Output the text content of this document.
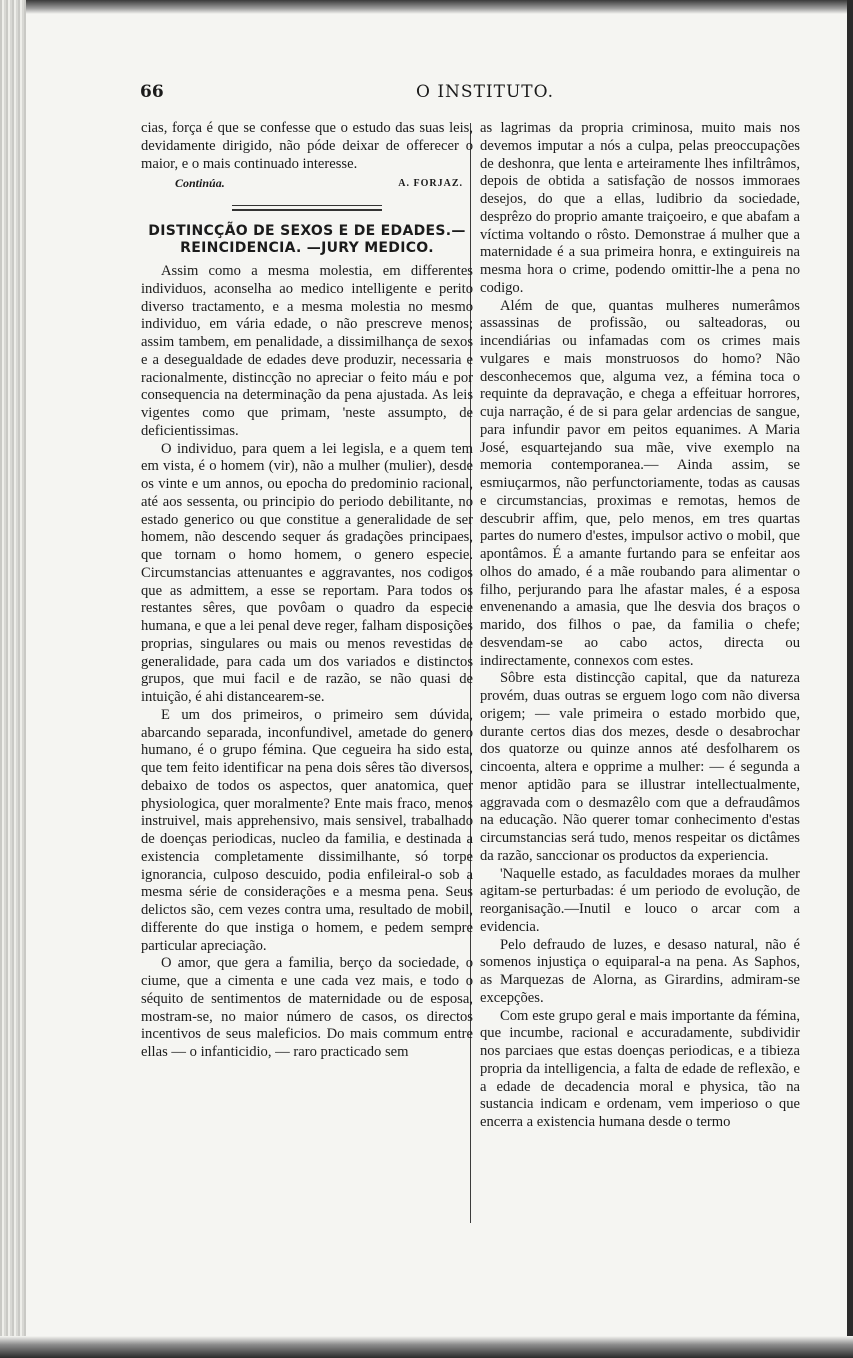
O INSTITUTO.
66

cias, força é que se confesse que o estudo das suas leis, devidamente dirigido, não póde deixar de offerecer o maior, e o mais continuado interesse.

Continúa.	A. FORJAZ.
DISTINCÇÃO DE SEXOS E DE EDADES.—
REINCIDENCIA. —JURY MEDICO.

Assim como a mesma molestia, em differentes individuos, aconselha ao medico intelligente e perito diverso tractamento, e a mesma molestia no mesmo individuo, em vária edade, o não prescreve menos; assim tambem, em penalidade, a dissimilhança de sexos e a desegualdade de edades deve produzir, necessaria e racionalmente, distincção no apreciar o feito máu e por consequencia na determinação da pena ajustada. As leis vigentes como que primam, 'neste assumpto, de deficientissimas.

O individuo, para quem a lei legisla, e a quem tem em vista, é o homem (vir), não a mulher (mulier), desde os vinte e um annos, ou epocha do predominio racional, até aos sessenta, ou principio do periodo debilitante, no estado generico ou que constitue a generalidade de ser homem, não descendo sequer ás gradações principaes, que tornam o homo homem, o genero especie. Circumstancias attenuantes e aggravantes, nos codigos que as admittem, a esse se reportam. Para todos os restantes sêres, que povôam o quadro da especie humana, e que a lei penal deve reger, falham disposições proprias, singulares ou mais ou menos revestidas de generalidade, para cada um dos variados e distinctos grupos, que mui facil e de razão, se não quasi de intuição, é ahi distancearem-se.

E um dos primeiros, o primeiro sem dúvida, abarcando separada, inconfundivel, ametade do genero humano, é o grupo fémina. Que cegueira ha sido esta, que tem feito identificar na pena dois sêres tão diversos, debaixo de todos os aspectos, quer anatomica, quer physiologica, quer moralmente? Ente mais fraco, menos instruivel, mais apprehensivo, mais sensivel, trabalhado de doenças periodicas, nucleo da familia, e destinada a existencia completamente dissimilhante, só torpe ignorancia, culposo descuido, podia enfileiral-o sob a mesma série de considerações e a mesma pena. Seus delictos são, cem vezes contra uma, resultado de mobil, differente do que instiga o homem, e pedem sempre particular apreciação.

O amor, que gera a familia, berço da sociedade, o ciume, que a cimenta e une cada vez mais, e todo o séquito de sentimentos de maternidade ou de esposa, mostram-se, no maior número de casos, os directos incentivos de seus maleficios. Do mais commum entre ellas — o infanticidio, — raro practicado sem

as lagrimas da propria criminosa, muito mais nos devemos imputar a nós a culpa, pelas preoccupações de deshonra, que lenta e arteiramente lhes infiltrâmos, depois de obtida a satisfação de nossos immoraes desejos, do que a ellas, ludibrio da sociedade, desprêzo do proprio amante traiçoeiro, e que abafam a víctima voltando o rôsto. Demonstrae á mulher que a maternidade é a sua primeira honra, e extinguireis na mesma hora o crime, podendo omittir-lhe a pena no codigo.

Além de que, quantas mulheres numerâmos assassinas de profissão, ou salteadoras, ou incendiárias ou infamadas com os crimes mais vulgares e mais monstruosos do homo? Não desconhecemos que, alguma vez, a fémina toca o requinte da depravação, e chega a effeituar horrores, cuja narração, é de si para gelar ardencias de sangue, para infundir pavor em peitos equanimes. A Maria José, esquartejando sua mãe, vive exemplo na memoria contemporanea.— Ainda assim, se esmiuçarmos, não perfunctoriamente, todas as causas e circumstancias, proximas e remotas, hemos de descubrir affim, que, pelo menos, em tres quartas partes do numero d'estes, impulsor activo o mobil, que apontâmos. É a amante furtando para se enfeitar aos olhos do amado, é a mãe roubando para alimentar o filho, perjurando para lhe afastar males, é a esposa envenenando a amasia, que lhe desvia dos braços o marido, dos filhos o pae, da familia o chefe; desvendam-se ao cabo actos, directa ou indirectamente, connexos com estes.

Sôbre esta distincção capital, que da natureza provém, duas outras se erguem logo com não diversa origem; — vale primeira o estado morbido que, durante certos dias dos mezes, desde o desabrochar dos quatorze ou quinze annos até desfolharem os cincoenta, altera e opprime a mulher: — é segunda a menor aptidão para se illustrar intellectualmente, aggravada com o desmazêlo com que a defraudâmos na educação. Não querer tomar conhecimento d'estas circumstancias será tudo, menos respeitar os dictâmes da razão, sanccionar os productos da experiencia.

'Naquelle estado, as faculdades moraes da mulher agitam-se perturbadas: é um periodo de evolução, de reorganisação.—Inutil e louco o arcar com a evidencia.

Pelo defraudo de luzes, e desaso natural, não é somenos injustiça o equiparal-a na pena. As Saphos, as Marquezas de Alorna, as Girardins, admiram-se excepções.

Com este grupo geral e mais importante da fémina, que incumbe, racional e accuradamente, subdividir nos parciaes que estas doenças periodicas, e a tibieza propria da intelligencia, a falta de edade de reflexão, e a edade de decadencia moral e physica, tão na sustancia indicam e ordenam, vem imperioso o que encerra a existencia humana desde o termo
